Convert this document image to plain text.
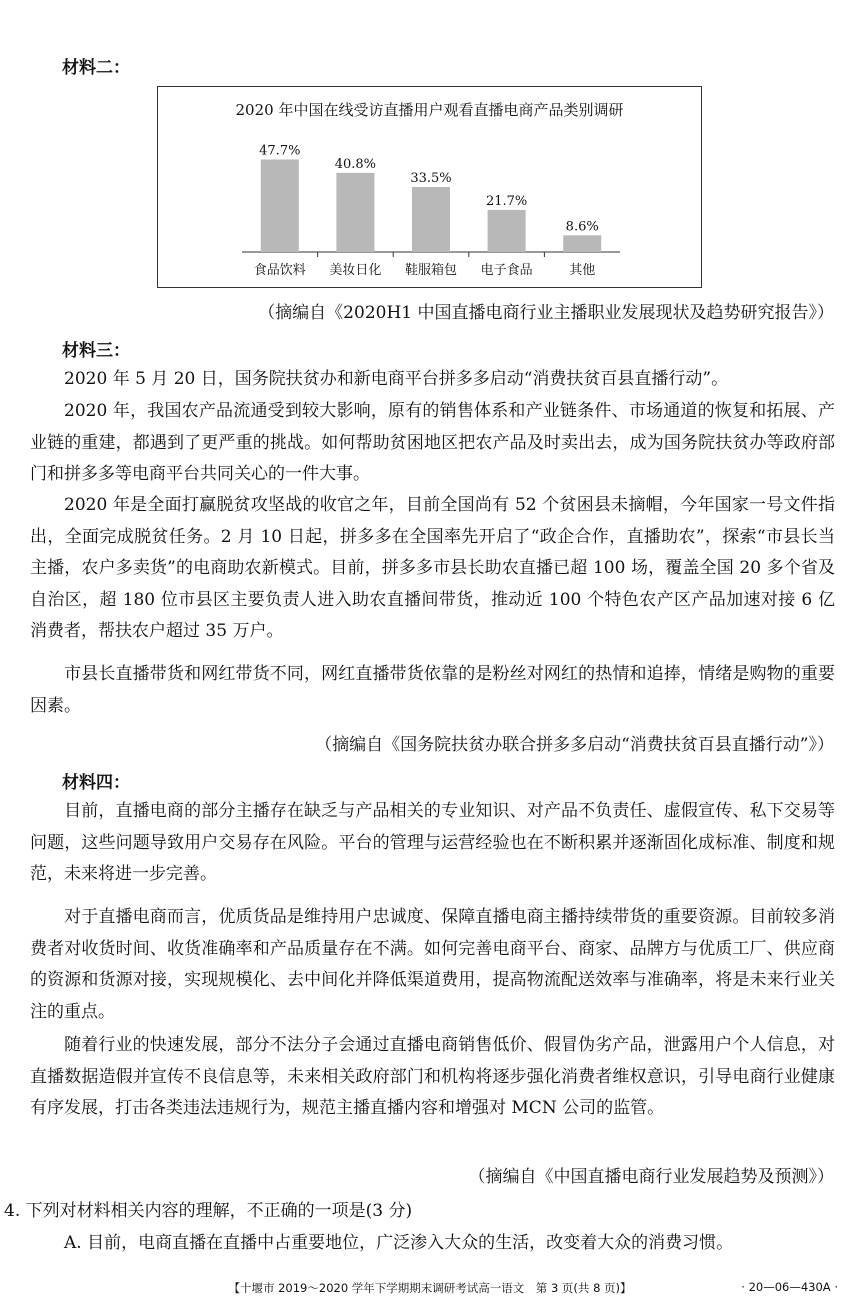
材料二：
2020 年中国在线受访直播用户观看直播电商产品类别调研
47.7%
食品饮料
40.8%
美妆日化
33.5%
鞋服箱包
21.7%
电子食品
8.6%
其他
（摘编自《2020H1 中国直播电商行业主播职业发展现状及趋势研究报告》）
材料三：
2020 年 5 月 20 日，国务院扶贫办和新电商平台拼多多启动“消费扶贫百县直播行动”。
2020 年，我国农产品流通受到较大影响，原有的销售体系和产业链条件、市场通道的恢复和拓展、产业链的重建，都遇到了更严重的挑战。如何帮助贫困地区把农产品及时卖出去，成为国务院扶贫办等政府部门和拼多多等电商平台共同关心的一件大事。
2020 年是全面打赢脱贫攻坚战的收官之年，目前全国尚有 52 个贫困县未摘帽，今年国家一号文件指出，全面完成脱贫任务。2 月 10 日起，拼多多在全国率先开启了“政企合作，直播助农”，探索“市县长当主播，农户多卖货”的电商助农新模式。目前，拼多多市县长助农直播已超 100 场，覆盖全国 20 多个省及自治区，超 180 位市县区主要负责人进入助农直播间带货，推动近 100 个特色农产区产品加速对接 6 亿消费者，帮扶农户超过 35 万户。
市县长直播带货和网红带货不同，网红直播带货依靠的是粉丝对网红的热情和追捧，情绪是购物的重要因素。
（摘编自《国务院扶贫办联合拼多多启动“消费扶贫百县直播行动”》）
材料四：
目前，直播电商的部分主播存在缺乏与产品相关的专业知识、对产品不负责任、虚假宣传、私下交易等问题，这些问题导致用户交易存在风险。平台的管理与运营经验也在不断积累并逐渐固化成标准、制度和规范，未来将进一步完善。
对于直播电商而言，优质货品是维持用户忠诚度、保障直播电商主播持续带货的重要资源。目前较多消费者对收货时间、收货准确率和产品质量存在不满。如何完善电商平台、商家、品牌方与优质工厂、供应商的资源和货源对接，实现规模化、去中间化并降低渠道费用，提高物流配送效率与准确率，将是未来行业关注的重点。
随着行业的快速发展，部分不法分子会通过直播电商销售低价、假冒伪劣产品，泄露用户个人信息，对直播数据造假并宣传不良信息等，未来相关政府部门和机构将逐步强化消费者维权意识，引导电商行业健康有序发展，打击各类违法违规行为，规范主播直播内容和增强对 MCN 公司的监管。
（摘编自《中国直播电商行业发展趋势及预测》）
4. 下列对材料相关内容的理解，不正确的一项是(3 分)
A. 目前，电商直播在直播中占重要地位，广泛渗入大众的生活，改变着大众的消费习惯。
【十堰市 2019～2020 学年下学期期末调研考试高一语文　第 3 页(共 8 页)】	· 20—06—430A ·
